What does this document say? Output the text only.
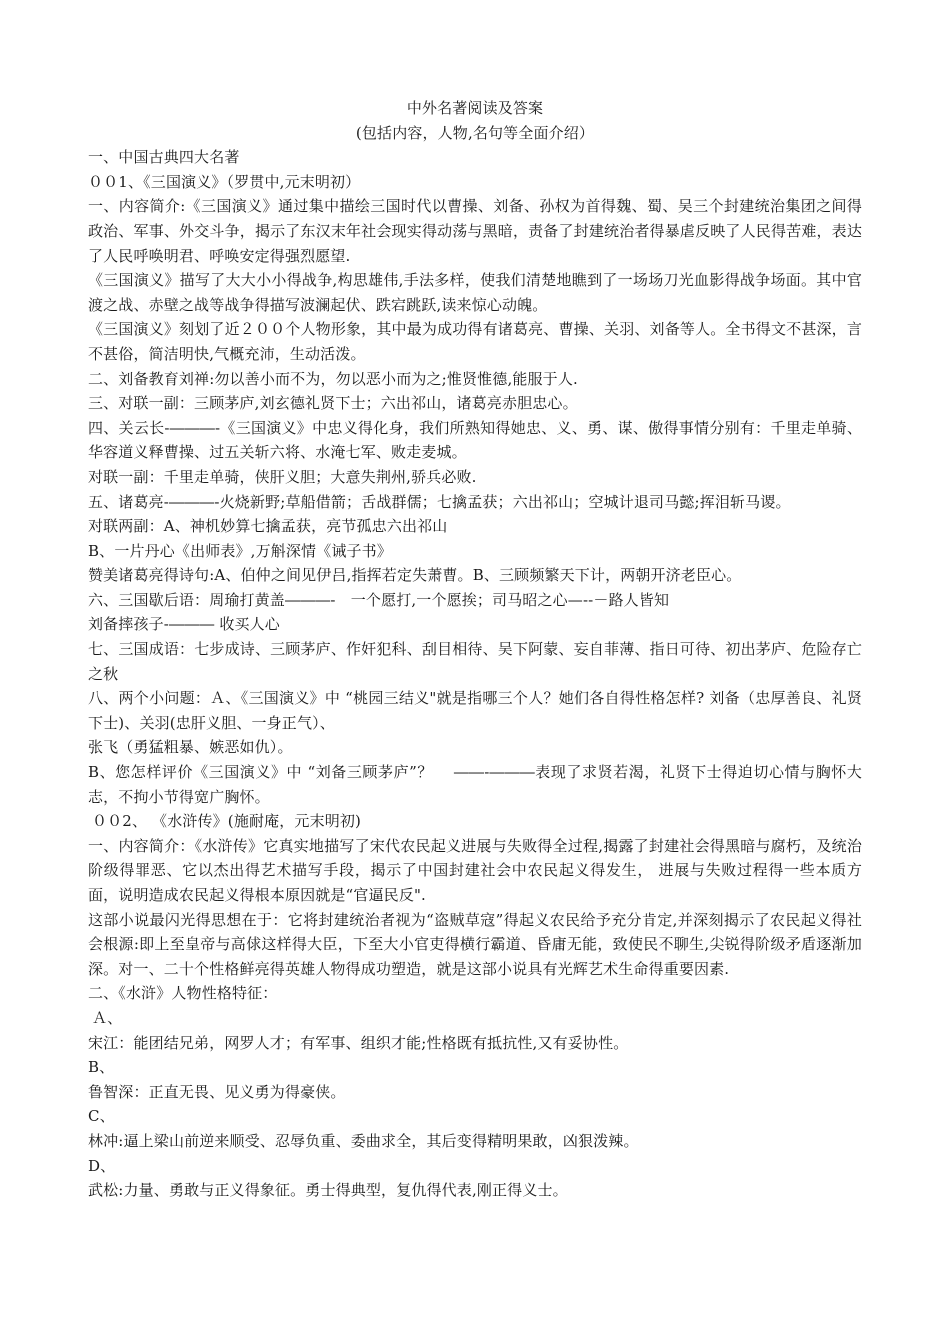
中外名著阅读及答案
(包括内容，人物,名句等全面介绍）
一、中国古典四大名著
００1、《三国演义》（罗贯中,元末明初）
一、内容简介:《三国演义》通过集中描绘三国时代以曹操、刘备、孙权为首得魏、蜀、吴三个封建统治集团之间得政治、军事、外交斗争，揭示了东汉末年社会现实得动荡与黑暗，责备了封建统治者得暴虐反映了人民得苦难，表达了人民呼唤明君、呼唤安定得强烈愿望.
《三国演义》描写了大大小小得战争,构思雄伟,手法多样，使我们清楚地瞧到了一场场刀光血影得战争场面。其中官渡之战、赤壁之战等战争得描写波澜起伏、跌宕跳跃,读来惊心动魄。
《三国演义》刻划了近２００个人物形象，其中最为成功得有诸葛亮、曹操、关羽、刘备等人。全书得文不甚深，言不甚俗，简洁明快,气概充沛，生动活泼。
二、刘备教育刘禅:勿以善小而不为，勿以恶小而为之;惟贤惟德,能服于人.
三、对联一副：三顾茅庐,刘玄德礼贤下士；六出祁山，诸葛亮赤胆忠心。
四、关云长-―――-《三国演义》中忠义得化身，我们所熟知得她忠、义、勇、谋、傲得事情分别有：千里走单骑、华容道义释曹操、过五关斩六将、水淹七军、败走麦城。
对联一副：千里走单骑，侠肝义胆；大意失荆州,骄兵必败.
五、诸葛亮-―――-火烧新野;草船借箭；舌战群儒；七擒孟获；六出祁山；空城计退司马懿;挥泪斩马谡。
对联两副：A、神机妙算七擒孟获，亮节孤忠六出祁山
B、一片丹心《出师表》,万斛深情《诫子书》
赞美诸葛亮得诗句:A、伯仲之间见伊吕,指挥若定失萧曹。B、三顾频繁天下计，两朝开济老臣心。
六、三国歇后语：周瑜打黄盖―――-　一个愿打,一个愿挨；司马昭之心—--－路人皆知
刘备摔孩子-――― 收买人心
七、三国成语：七步成诗、三顾茅庐、作奸犯科、刮目相待、吴下阿蒙、妄自菲薄、指日可待、初出茅庐、危险存亡之秋
八、两个小问题：Ａ、《三国演义》中 “桃园三结义"就是指哪三个人？她们各自得性格怎样? 刘备（忠厚善良、礼贤下士)、关羽(忠肝义胆、一身正气）、
张飞（勇猛粗暴、嫉恶如仇）。
B、您怎样评价《三国演义》中 “刘备三顾茅庐”？　 ――-―――表现了求贤若渴，礼贤下士得迫切心情与胸怀大志，不拘小节得宽广胸怀。
００2、 《水浒传》(施耐庵，元末明初)
一、内容简介：《水浒传》它真实地描写了宋代农民起义进展与失败得全过程,揭露了封建社会得黑暗与腐朽，及统治阶级得罪恶、它以杰出得艺术描写手段，揭示了中国封建社会中农民起义得发生， 进展与失败过程得一些本质方面，说明造成农民起义得根本原因就是“官逼民反".
这部小说最闪光得思想在于：它将封建统治者视为“盗贼草寇”得起义农民给予充分肯定,并深刻揭示了农民起义得社会根源:即上至皇帝与高俅这样得大臣，下至大小官吏得横行霸道、昏庸无能，致使民不聊生,尖锐得阶级矛盾逐渐加深。对一、二十个性格鲜亮得英雄人物得成功塑造，就是这部小说具有光辉艺术生命得重要因素.
二、《水浒》人物性格特征：
Ａ、
宋江：能团结兄弟，网罗人才；有军事、组织才能;性格既有抵抗性,又有妥协性。
B、
鲁智深：正直无畏、见义勇为得豪侠。
C、
林冲:逼上梁山前逆来顺受、忍辱负重、委曲求全，其后变得精明果敢，凶狠泼辣。
D、
武松:力量、勇敢与正义得象征。勇士得典型，复仇得代表,刚正得义士。
